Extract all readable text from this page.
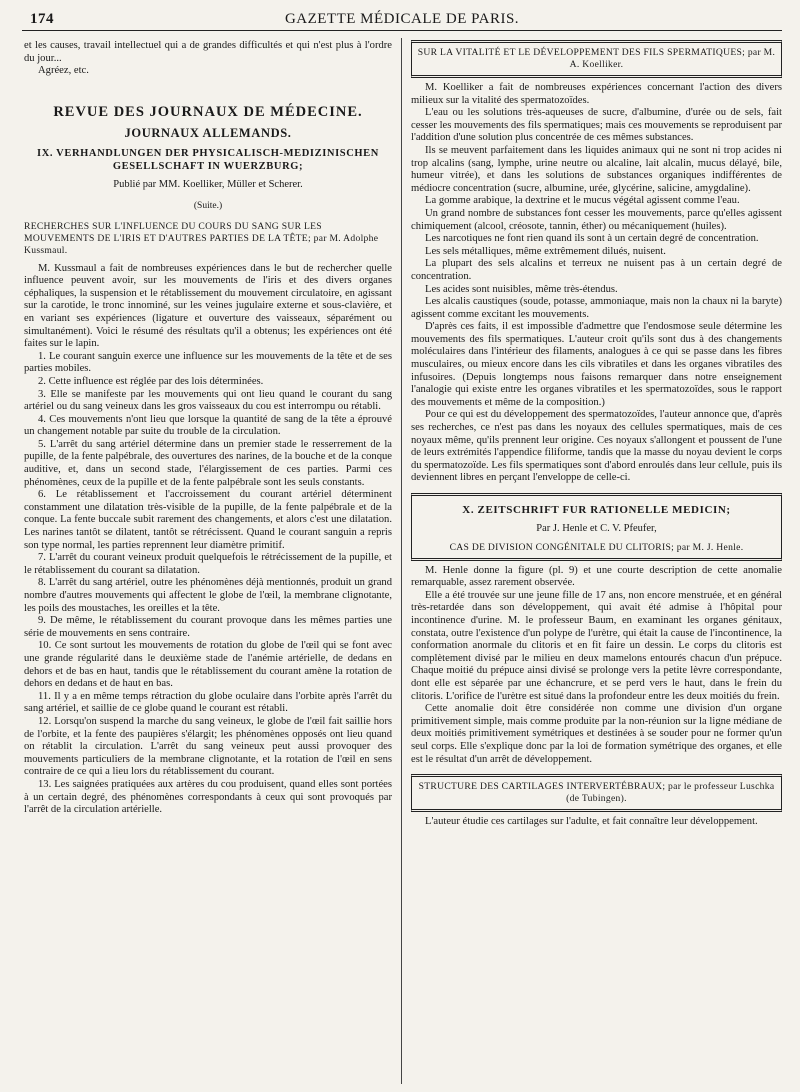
174	GAZETTE MÉDICALE DE PARIS.

et les causes, travail intellectuel qui a de grandes difficultés et qui n'est plus à l'ordre du jour...

Agréez, etc.

REVUE DES JOURNAUX DE MÉDECINE.
JOURNAUX ALLEMANDS.
IX. VERHANDLUNGEN DER PHYSICALISCH-MEDIZINISCHEN GESELLSCHAFT IN WUERZBURG;
Publié par MM. Koelliker, Müller et Scherer.
(Suite.)

RECHERCHES SUR L'INFLUENCE DU COURS DU SANG SUR LES MOUVEMENTS DE L'IRIS ET D'AUTRES PARTIES DE LA TÊTE; par M. Adolphe Kussmaul.

M. Kussmaul a fait de nombreuses expériences dans le but de rechercher quelle influence peuvent avoir, sur les mouvements de l'iris et des divers organes céphaliques, la suspension et le rétablissement du mouvement circulatoire, en agissant sur la carotide, le tronc innominé, sur les veines jugulaire externe et sous-clavière, et en variant ses expériences (ligature et ouverture des vaisseaux, séparément ou simultanément). Voici le résumé des résultats qu'il a obtenus; les expériences ont été faites sur le lapin.

1. Le courant sanguin exerce une influence sur les mouvements de la tête et de ses parties mobiles.

2. Cette influence est réglée par des lois déterminées.

3. Elle se manifeste par les mouvements qui ont lieu quand le courant du sang artériel ou du sang veineux dans les gros vaisseaux du cou est interrompu ou rétabli.

4. Ces mouvements n'ont lieu que lorsque la quantité de sang de la tête a éprouvé un changement notable par suite du trouble de la circulation.

5. L'arrêt du sang artériel détermine dans un premier stade le resserrement de la pupille, de la fente palpébrale, des ouvertures des narines, de la bouche et de la conque auditive, et, dans un second stade, l'élargissement de ces parties. Parmi ces phénomènes, ceux de la pupille et de la fente palpébrale sont les seuls constants.

6. Le rétablissement et l'accroissement du courant artériel déterminent constamment une dilatation très-visible de la pupille, de la fente palpébrale et de la conque. La fente buccale subit rarement des changements, et alors c'est une dilatation. Les narines tantôt se dilatent, tantôt se rétrécissent. Quand le courant sanguin a repris son type normal, les parties reprennent leur diamètre primitif.

7. L'arrêt du courant veineux produit quelquefois le rétrécissement de la pupille, et le rétablissement du courant sa dilatation.

8. L'arrêt du sang artériel, outre les phénomènes déjà mentionnés, produit un grand nombre d'autres mouvements qui affectent le globe de l'œil, la membrane clignotante, les poils des moustaches, les oreilles et la tête.

9. De même, le rétablissement du courant provoque dans les mêmes parties une série de mouvements en sens contraire.

10. Ce sont surtout les mouvements de rotation du globe de l'œil qui se font avec une grande régularité dans le deuxième stade de l'anémie artérielle, de dedans en dehors et de bas en haut, tandis que le rétablissement du courant amène la rotation de dehors en dedans et de haut en bas.

11. Il y a en même temps rétraction du globe oculaire dans l'orbite après l'arrêt du sang artériel, et saillie de ce globe quand le courant est rétabli.

12. Lorsqu'on suspend la marche du sang veineux, le globe de l'œil fait saillie hors de l'orbite, et la fente des paupières s'élargit; les phénomènes opposés ont lieu quand on rétablit la circulation. L'arrêt du sang veineux peut aussi provoquer des mouvements particuliers de la membrane clignotante, et la rotation de l'œil en sens contraire de ce qui a lieu lors du rétablissement du courant.

13. Les saignées pratiquées aux artères du cou produisent, quand elles sont portées à un certain degré, des phénomènes correspondants à ceux qui sont provoqués par l'arrêt de la circulation artérielle.

SUR LA VITALITÉ ET LE DÉVELOPPEMENT DES FILS SPERMATIQUES; par M. A. Koelliker.

M. Koelliker a fait de nombreuses expériences concernant l'action des divers milieux sur la vitalité des spermatozoïdes.

L'eau ou les solutions très-aqueuses de sucre, d'albumine, d'urée ou de sels, fait cesser les mouvements des fils spermatiques; mais ces mouvements se reproduisent par l'addition d'une solution plus concentrée de ces mêmes substances.

Ils se meuvent parfaitement dans les liquides animaux qui ne sont ni trop acides ni trop alcalins (sang, lymphe, urine neutre ou alcaline, lait alcalin, mucus délayé, bile, humeur vitrée), et dans les solutions de substances organiques indifférentes de médiocre concentration (sucre, albumine, urée, glycérine, salicine, amygdaline).

La gomme arabique, la dextrine et le mucus végétal agissent comme l'eau.

Un grand nombre de substances font cesser les mouvements, parce qu'elles agissent chimiquement (alcool, créosote, tannin, éther) ou mécaniquement (huiles).

Les narcotiques ne font rien quand ils sont à un certain degré de concentration.

Les sels métalliques, même extrêmement dilués, nuisent.

La plupart des sels alcalins et terreux ne nuisent pas à un certain degré de concentration.

Les acides sont nuisibles, même très-étendus.

Les alcalis caustiques (soude, potasse, ammoniaque, mais non la chaux ni la baryte) agissent comme excitant les mouvements.

D'après ces faits, il est impossible d'admettre que l'endosmose seule détermine les mouvements des fils spermatiques. L'auteur croit qu'ils sont dus à des changements moléculaires dans l'intérieur des filaments, analogues à ce qui se passe dans les fibres musculaires, ou mieux encore dans les cils vibratiles et dans les organes vibratiles des infusoires. (Depuis longtemps nous faisons remarquer dans notre enseignement l'analogie qui existe entre les organes vibratiles et les spermatozoïdes, sous le rapport des mouvements et même de la composition.)

Pour ce qui est du développement des spermatozoïdes, l'auteur annonce que, d'après ses recherches, ce n'est pas dans les noyaux des cellules spermatiques, mais de ces noyaux même, qu'ils prennent leur origine. Ces noyaux s'allongent et poussent de l'une de leurs extrémités l'appendice filiforme, tandis que la masse du noyau devient le corps du spermatozoïde. Les fils spermatiques sont d'abord enroulés dans leur cellule, puis ils deviennent libres en perçant l'enveloppe de celle-ci.

X. ZEITSCHRIFT FUR RATIONELLE MEDICIN;
Par J. Henle et C. V. Pfeufer,
CAS DE DIVISION CONGÉNITALE DU CLITORIS; par M. J. Henle.

M. Henle donne la figure (pl. 9) et une courte description de cette anomalie remarquable, assez rarement observée.

Elle a été trouvée sur une jeune fille de 17 ans, non encore menstruée, et en général très-retardée dans son développement, qui avait été admise à l'hôpital pour incontinence d'urine. M. le professeur Baum, en examinant les organes génitaux, constata, outre l'existence d'un polype de l'urètre, qui était la cause de l'incontinence, la conformation anormale du clitoris et en fit faire un dessin. Le corps du clitoris est complètement divisé par le milieu en deux mamelons entourés chacun d'un prépuce. Chaque moitié du prépuce ainsi divisé se prolonge vers la petite lèvre correspondante, dont elle est séparée par une échancrure, et se perd vers le haut, dans le frein du clitoris. L'orifice de l'urètre est situé dans la profondeur entre les deux moitiés du frein.

Cette anomalie doit être considérée non comme une division d'un organe primitivement simple, mais comme produite par la non-réunion sur la ligne médiane de deux moitiés primitivement symétriques et destinées à se souder pour ne former qu'un seul corps. Elle s'explique donc par la loi de formation symétrique des organes, et elle est le résultat d'un arrêt de développement.

STRUCTURE DES CARTILAGES INTERVERTÉBRAUX; par le professeur Luschka (de Tubingen).

L'auteur étudie ces cartilages sur l'adulte, et fait connaître leur développement.
